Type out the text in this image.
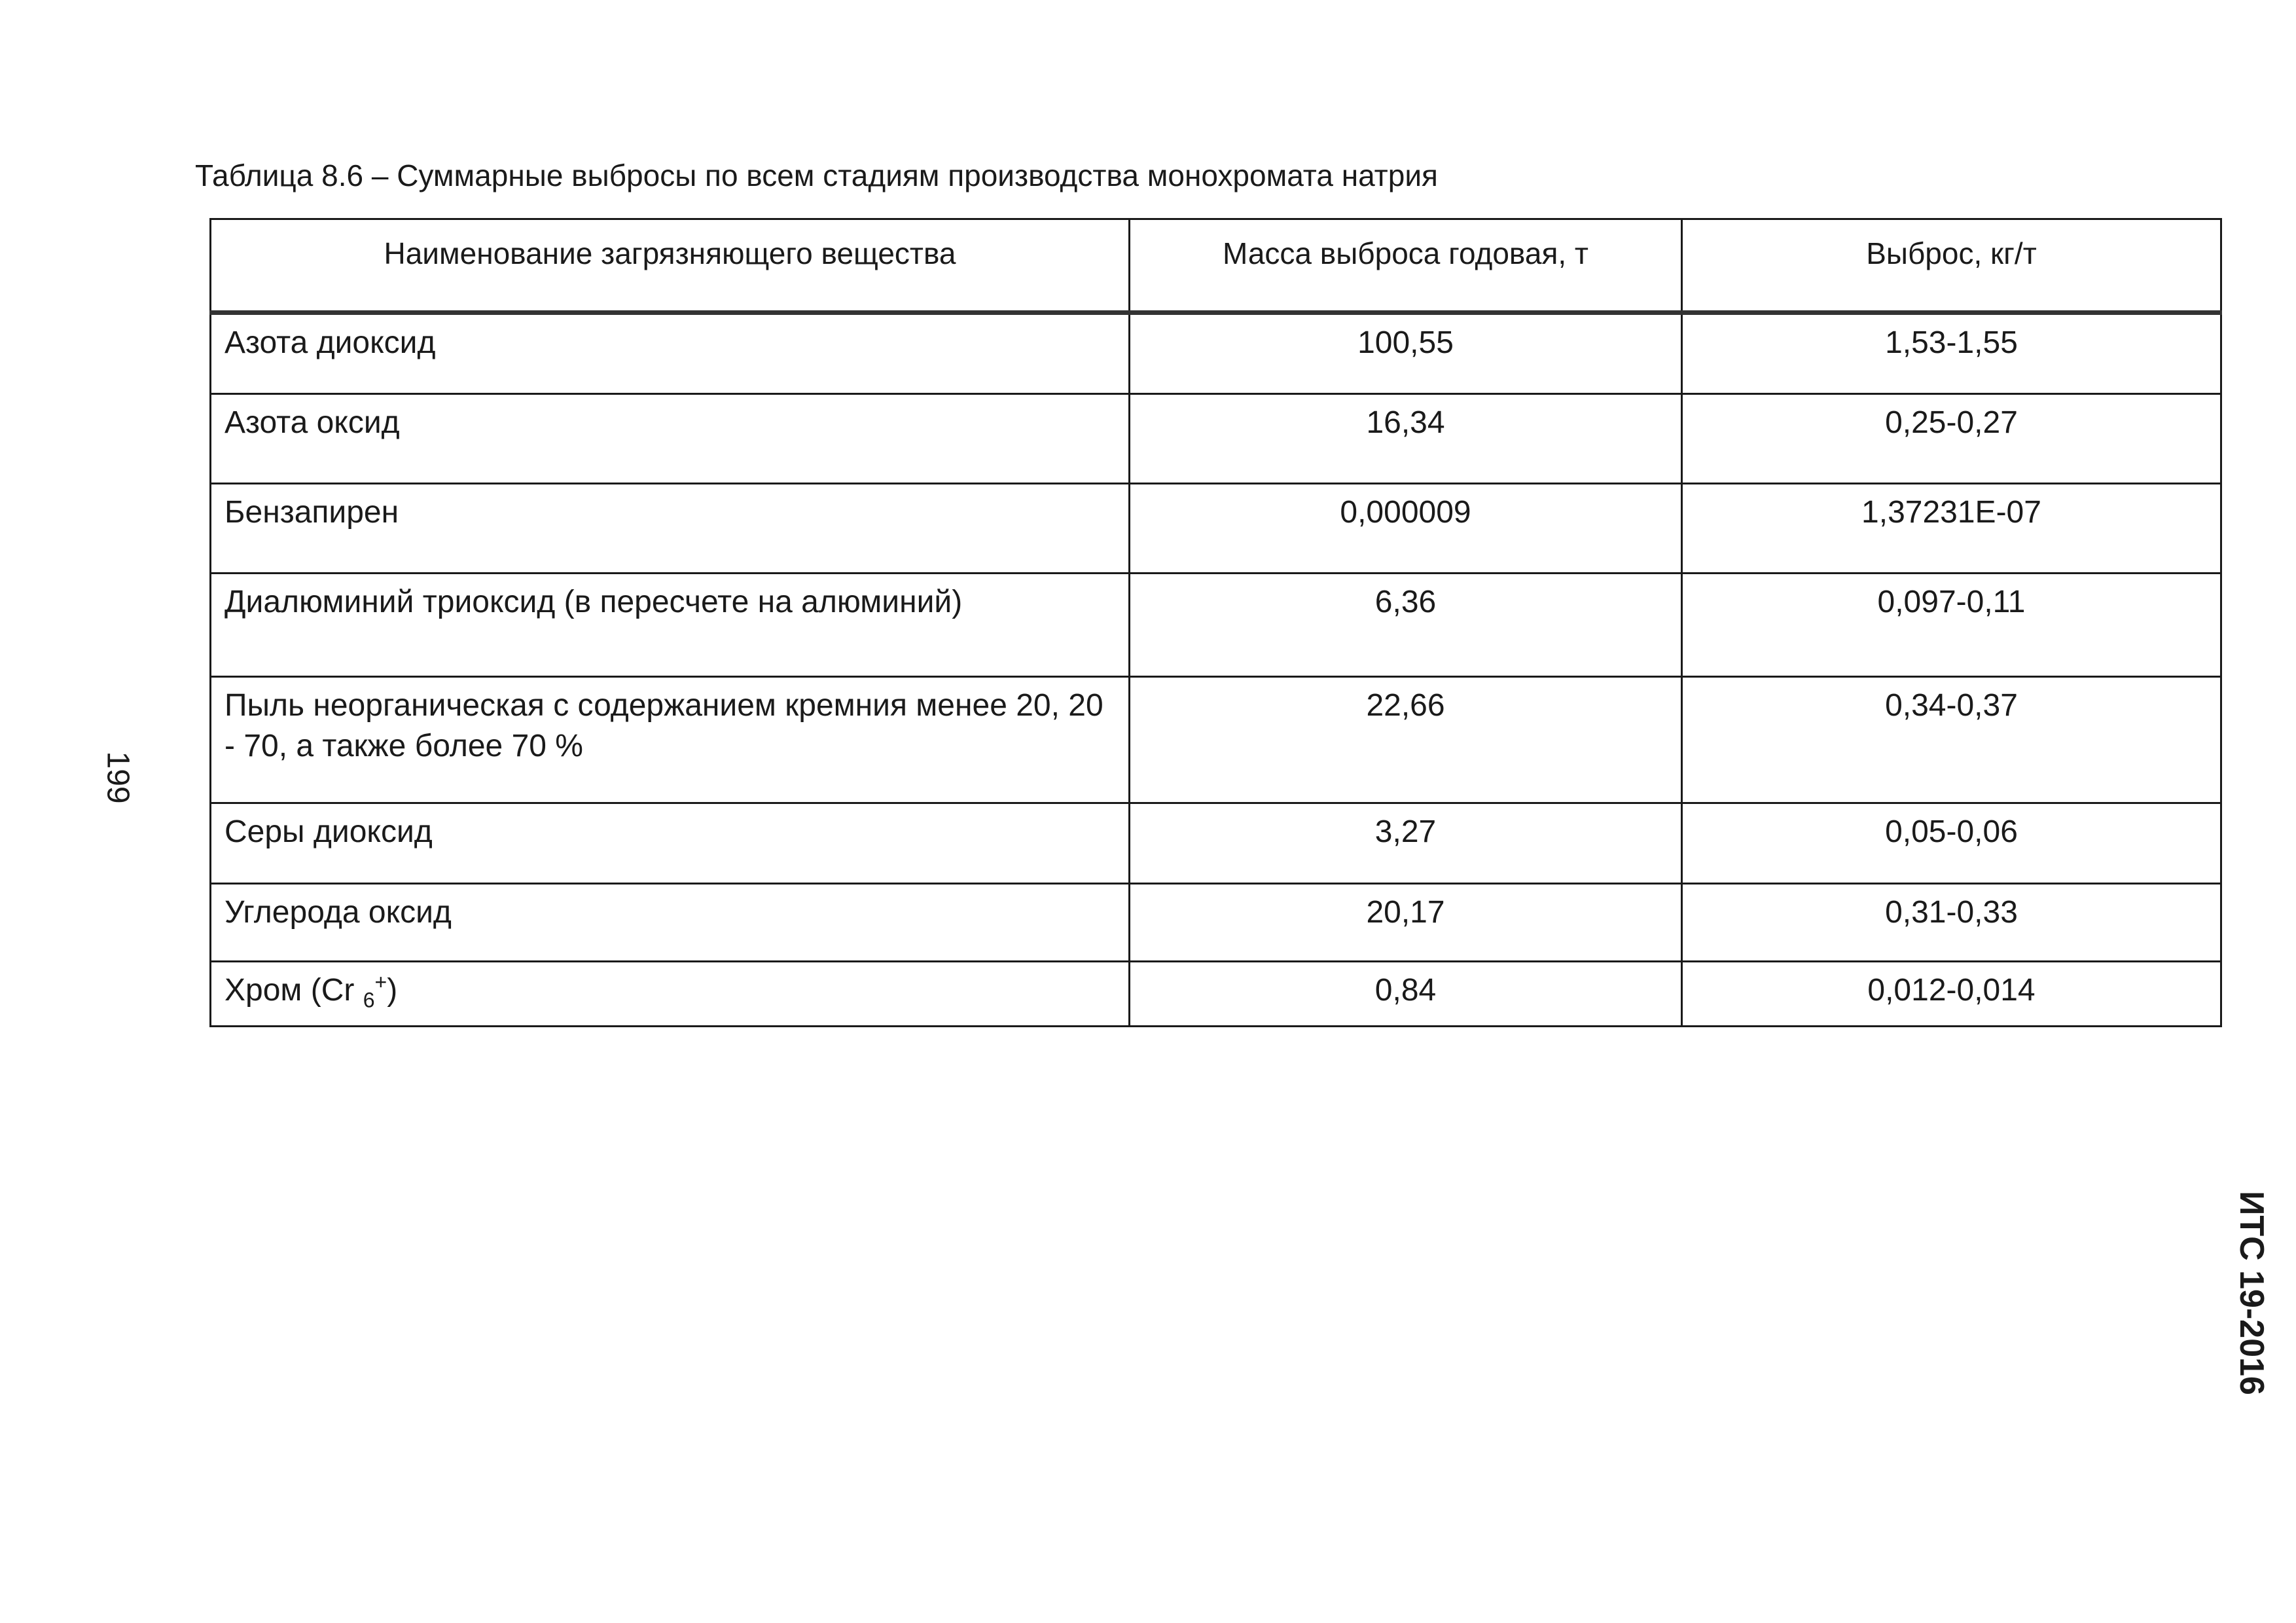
Таблица 8.6 – Суммарные выбросы по всем стадиям производства монохромата натрия
Наименование загрязняющего вещества	Масса выброса годовая, т	Выброс, кг/т
Азота диоксид	100,55	1,53-1,55
Азота оксид	16,34	0,25-0,27
Бензапирен	0,000009	1,37231E-07
Диалюминий триоксид (в пересчете на алюминий)	6,36	0,097-0,11
Пыль неорганическая с содержанием кремния менее 20, 20 - 70, а также более 70 %	22,66	0,34-0,37
Серы диоксид	3,27	0,05-0,06
Углерода оксид	20,17	0,31-0,33
Хром (Cr $_6$+)	0,84	0,012-0,014
199
ИТС 19-2016
